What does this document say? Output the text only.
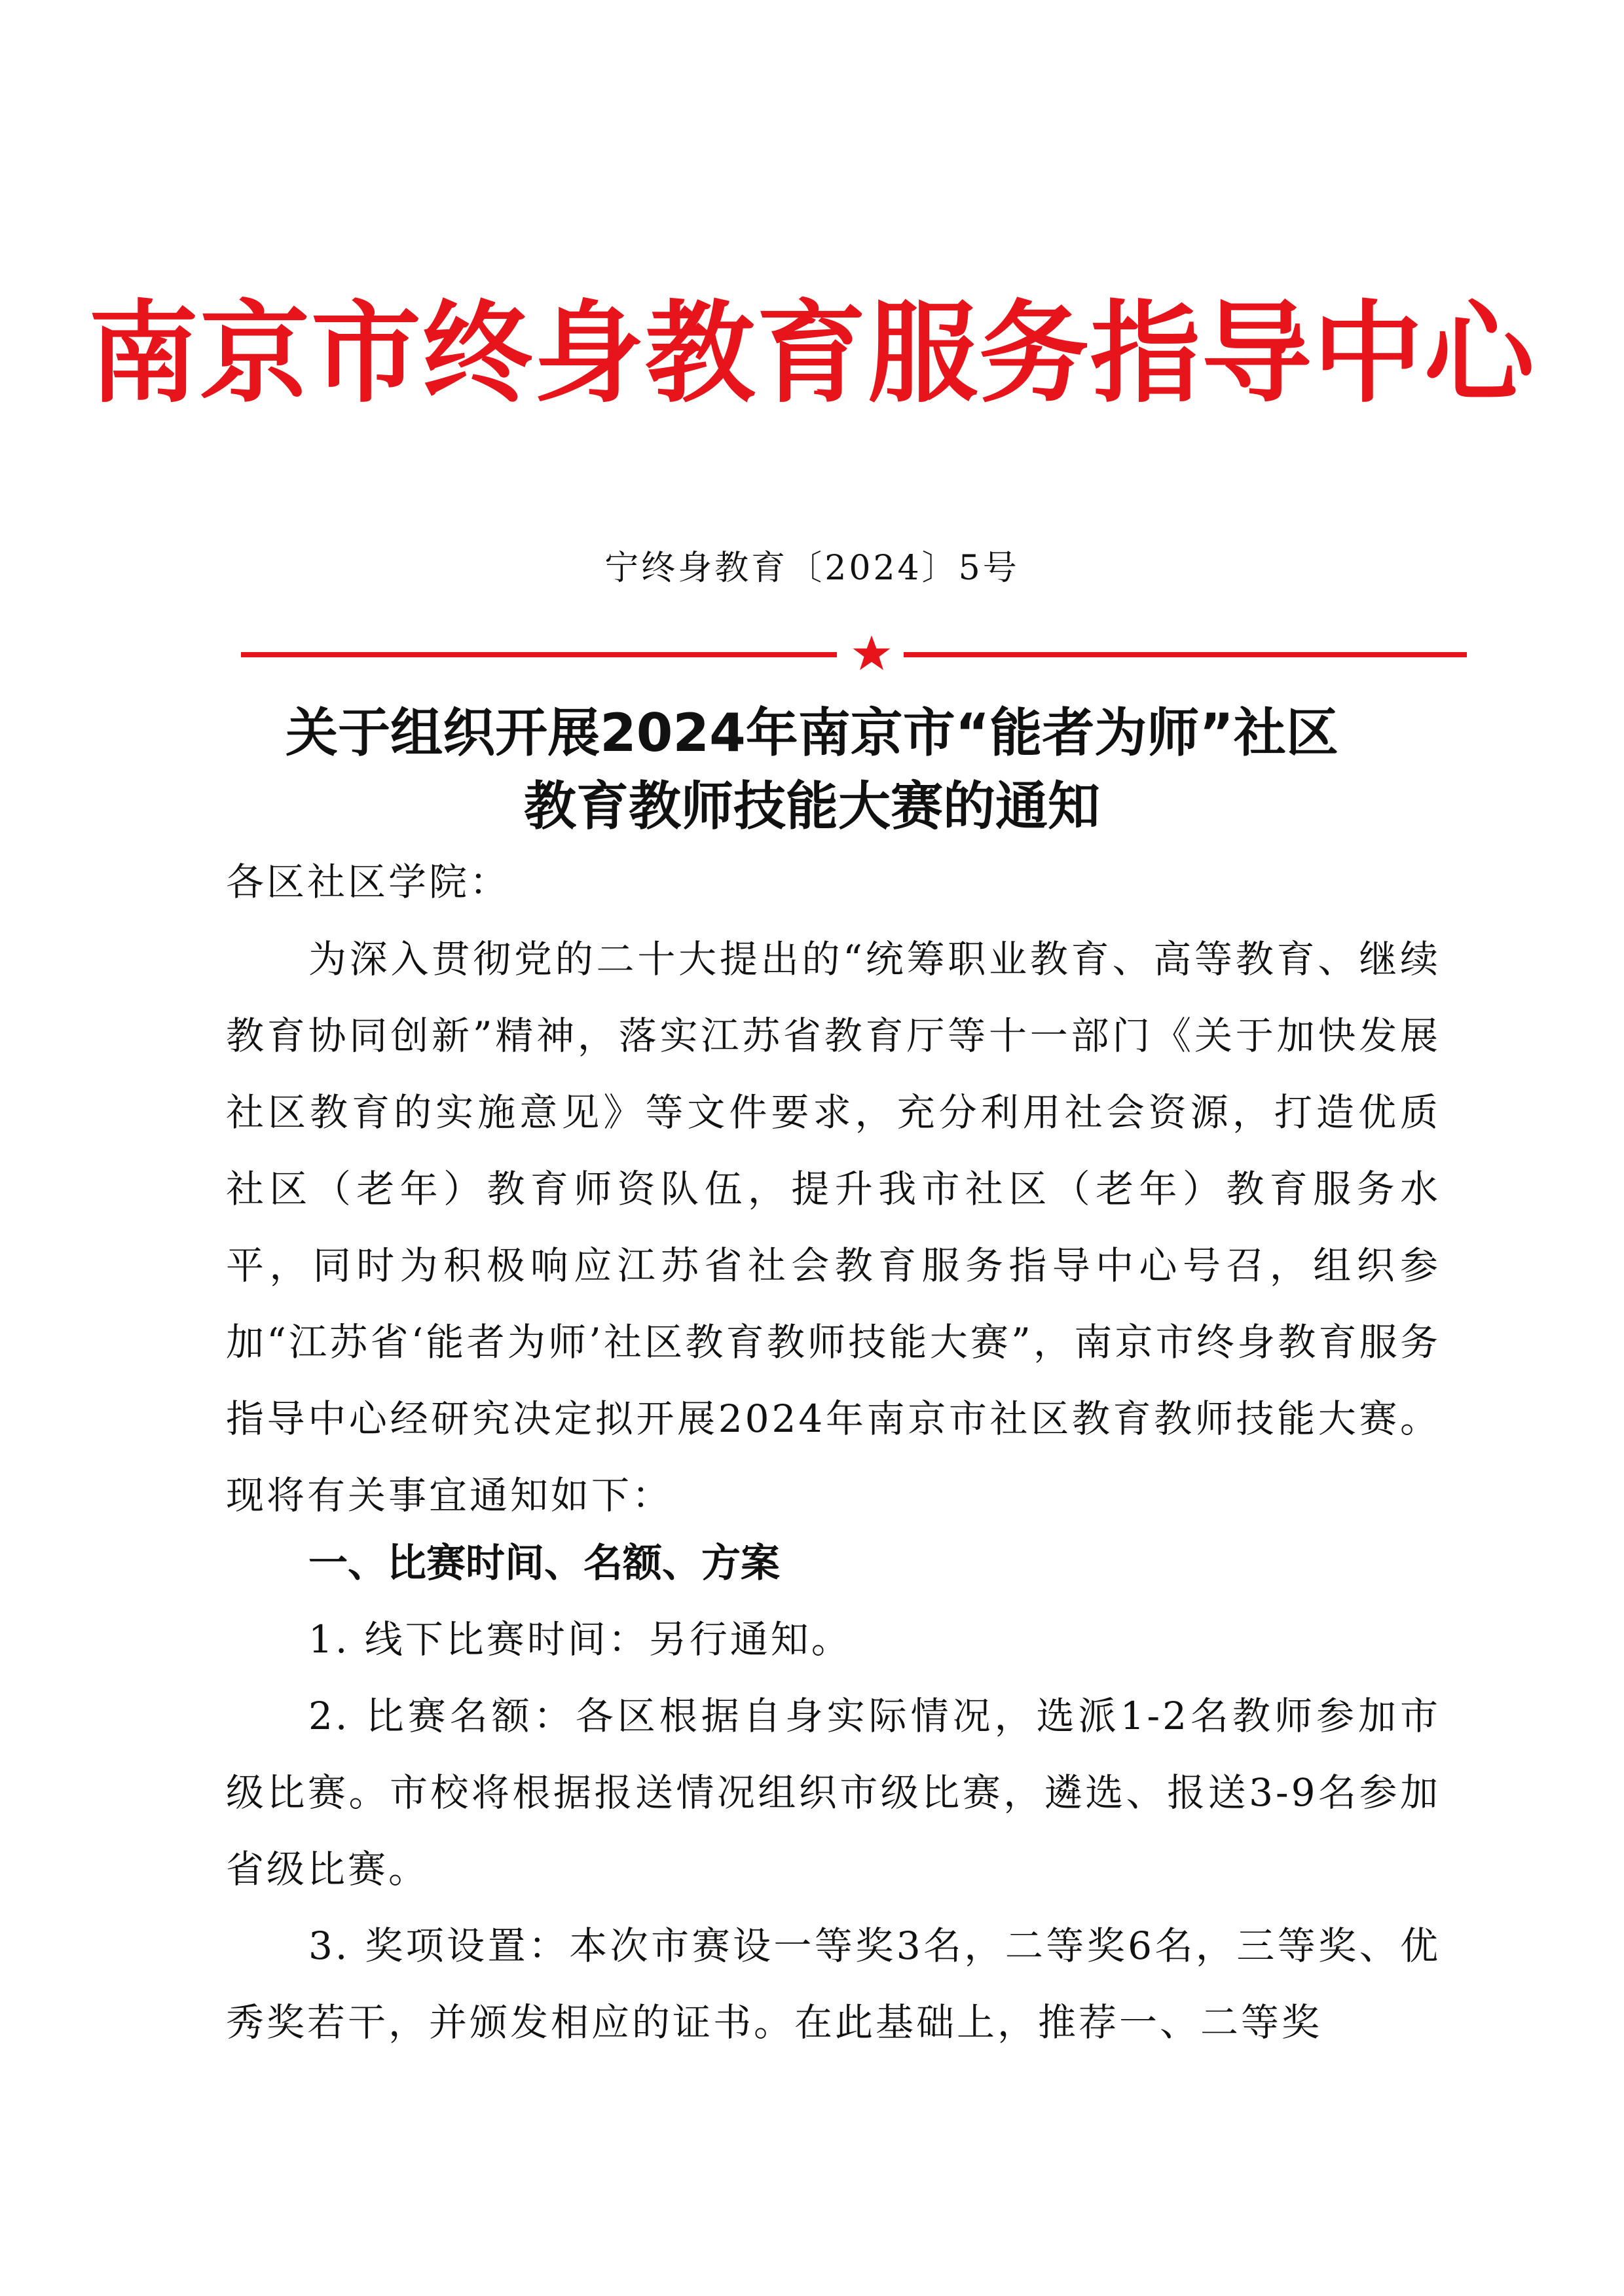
南京市终身教育服务指导中心
宁终身教育〔2024〕5号
关于组织开展2024年南京市“能者为师”社区
教育教师技能大赛的通知
各区社区学院：

为深入贯彻党的二十大提出的“统筹职业教育、高等教育、继续教育协同创新”精神，落实江苏省教育厅等十一部门《关于加快发展社区教育的实施意见》等文件要求，充分利用社会资源，打造优质社区（老年）教育师资队伍，提升我市社区（老年）教育服务水平，同时为积极响应江苏省社会教育服务指导中心号召，组织参加“江苏省‘能者为师’社区教育教师技能大赛”，南京市终身教育服务指导中心经研究决定拟开展2024年南京市社区教育教师技能大赛。现将有关事宜通知如下：

一、比赛时间、名额、方案

1. 线下比赛时间：另行通知。

2. 比赛名额：各区根据自身实际情况，选派1-2名教师参加市级比赛。市校将根据报送情况组织市级比赛，遴选、报送3-9名参加省级比赛。

3. 奖项设置：本次市赛设一等奖3名，二等奖6名，三等奖、优秀奖若干，并颁发相应的证书。在此基础上，推荐一、二等奖
